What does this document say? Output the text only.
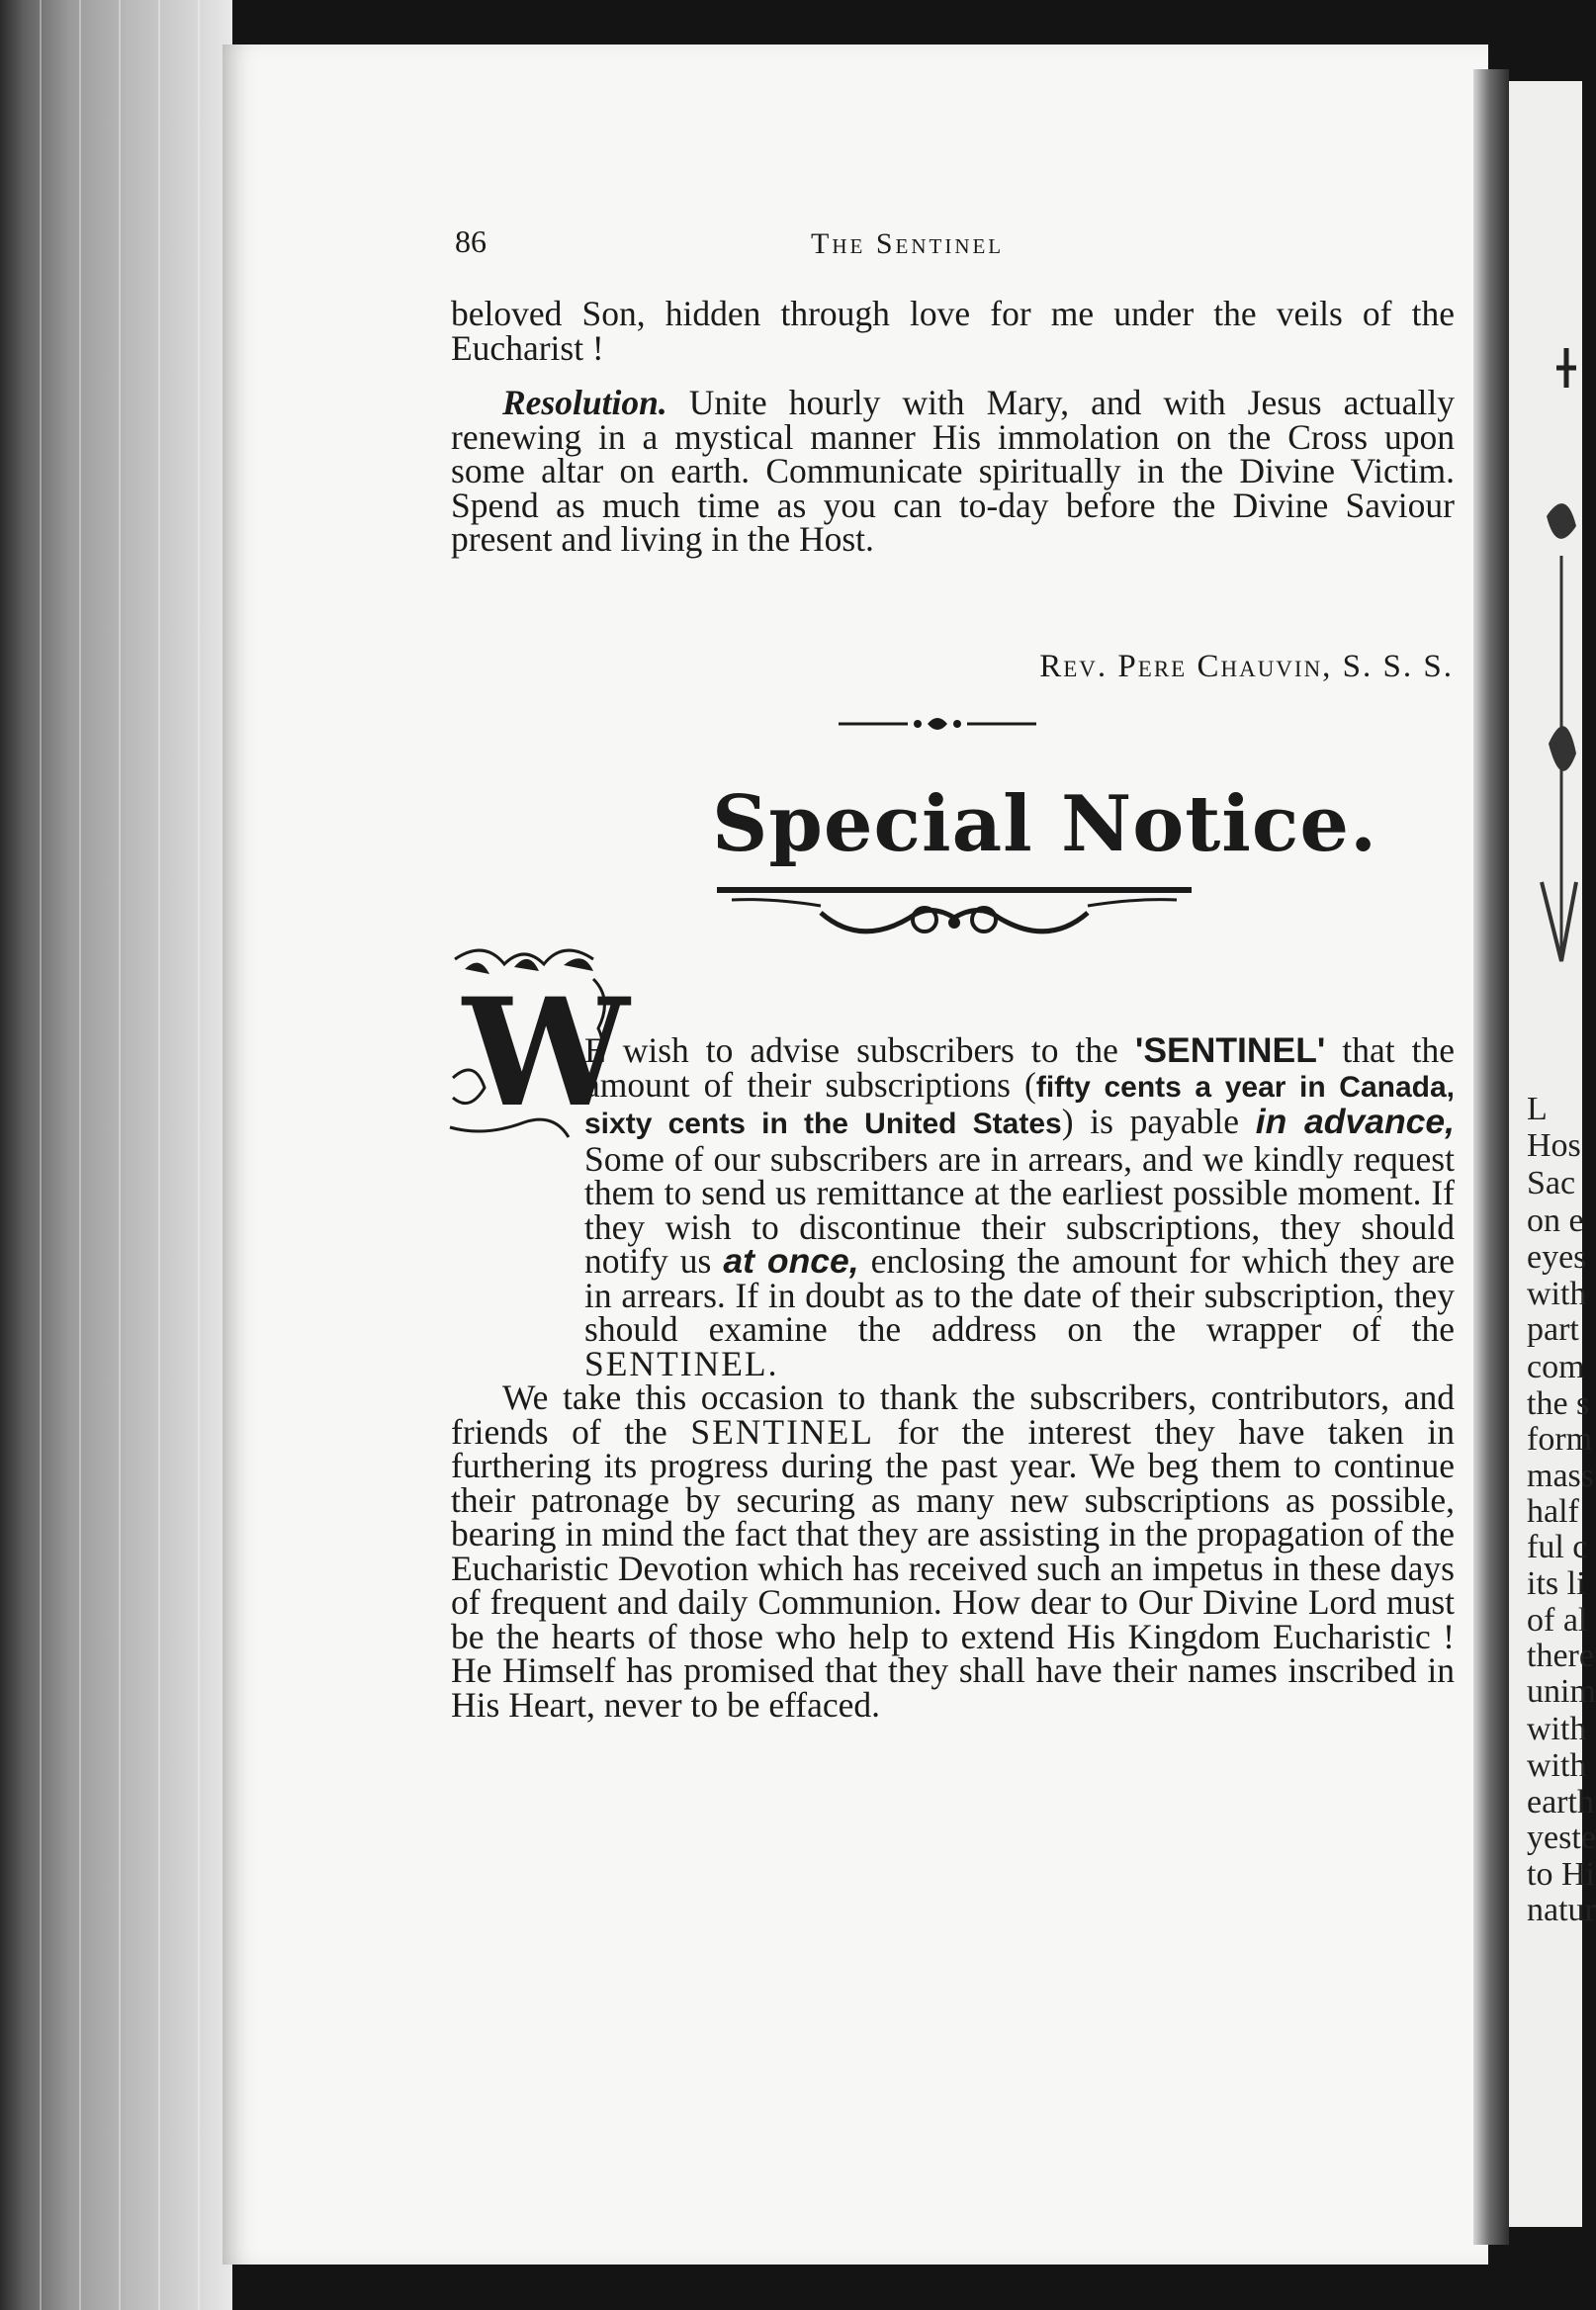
L
Hos
Sac
on e
eyes
with
part
com
the s
form
mass
half
ful c
its li
of al
there
unim
with
with
earth
yeste
to Hi
natur
86	The Sentinel

beloved Son, hidden through love for me under the veils of the Eucharist !

Resolution. Unite hourly with Mary, and with Jesus actually renewing in a mystical manner His immolation on the Cross upon some altar on earth. Communicate spiritually in the Divine Victim. Spend as much time as you can to-day before the Divine Saviour present and living in the Host.

Rev. Pere Chauvin, S. S. S.
Special Notice.
W

E wish to advise subscribers to the 'SENTINEL' that the amount of their subscriptions (fifty cents a year in Canada, sixty cents in the United States) is payable in advance, Some of our subscribers are in arrears, and we kindly request them to send us remittance at the earliest possible moment. If they wish to discontinue their subscriptions, they should notify us at once, enclosing the amount for which they are in arrears. If in doubt as to the date of their subscription, they should examine the address on the wrapper of the SENTINEL.

We take this occasion to thank the subscribers, contributors, and friends of the SENTINEL for the interest they have taken in furthering its progress during the past year. We beg them to continue their patronage by securing as many new subscriptions as possible, bearing in mind the fact that they are assisting in the propagation of the Eucharistic Devotion which has received such an impetus in these days of frequent and daily Communion. How dear to Our Divine Lord must be the hearts of those who help to extend His Kingdom Eucharistic ! He Himself has promised that they shall have their names inscribed in His Heart, never to be effaced.
